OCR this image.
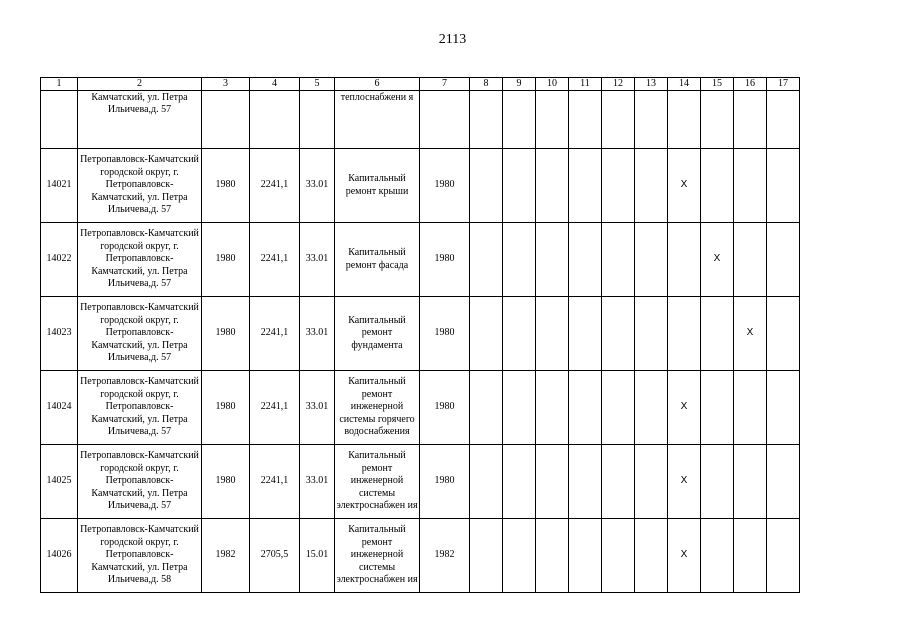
2113
1	2	3	4	5	6	7	8	9	10	11	12	13	14	15	16	17
	Камчатский, ул. Петра Ильичева,д. 57				теплоснабжени я											
14021	Петропавловск-Камчатский городской округ, г. Петропавловск-Камчатский, ул. Петра Ильичева,д. 57	1980	2241,1	33.01	Капитальный ремонт крыши	1980							X			
14022	Петропавловск-Камчатский городской округ, г. Петропавловск-Камчатский, ул. Петра Ильичева,д. 57	1980	2241,1	33.01	Капитальный ремонт фасада	1980								X		
14023	Петропавловск-Камчатский городской округ, г. Петропавловск-Камчатский, ул. Петра Ильичева,д. 57	1980	2241,1	33.01	Капитальный ремонт фундамента	1980									X	
14024	Петропавловск-Камчатский городской округ, г. Петропавловск-Камчатский, ул. Петра Ильичева,д. 57	1980	2241,1	33.01	Капитальный ремонт инженерной системы горячего водоснабжения	1980							X			
14025	Петропавловск-Камчатский городской округ, г. Петропавловск-Камчатский, ул. Петра Ильичева,д. 57	1980	2241,1	33.01	Капитальный ремонт инженерной системы электроснабжен ия	1980							X			
14026	Петропавловск-Камчатский городской округ, г. Петропавловск-Камчатский, ул. Петра Ильичева,д. 58	1982	2705,5	15.01	Капитальный ремонт инженерной системы электроснабжен ия	1982							X			
